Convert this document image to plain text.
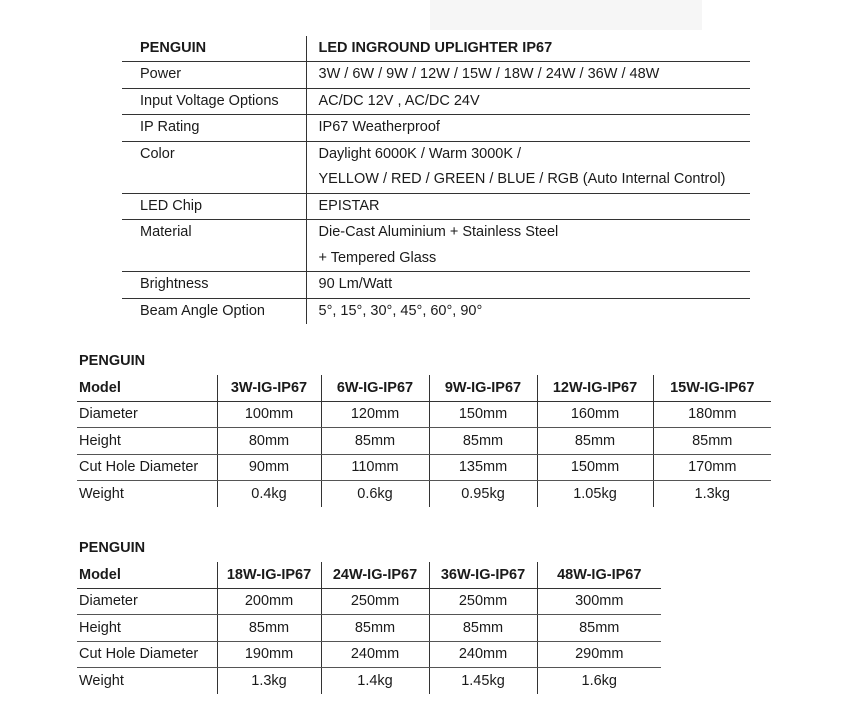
PENGUIN	LED INGROUND UPLIGHTER IP67
Power	3W / 6W / 9W / 12W / 15W / 18W / 24W / 36W / 48W

Input Voltage Options	AC/DC 12V , AC/DC 24V

IP Rating	IP67 Weatherproof

Color	Daylight 6000K / Warm 3000K /
YELLOW / RED / GREEN / BLUE / RGB (Auto Internal Control)

LED Chip	EPISTAR

Material	Die-Cast Aluminium + Stainless Steel
+ Tempered Glass

Brightness	90 Lm/Watt

Beam Angle Option	5°, 15°, 30°, 45°, 60°, 90°
PENGUIN
Model	3W-IG-IP67	6W-IG-IP67	9W-IG-IP67	12W-IG-IP67	15W-IG-IP67
Diameter	100mm	120mm	150mm	160mm	180mm
Height	80mm	85mm	85mm	85mm	85mm
Cut Hole Diameter	90mm	110mm	135mm	150mm	170mm
Weight	0.4kg	0.6kg	0.95kg	1.05kg	1.3kg
PENGUIN
Model	18W-IG-IP67	24W-IG-IP67	36W-IG-IP67	48W-IG-IP67
Diameter	200mm	250mm	250mm	300mm
Height	85mm	85mm	85mm	85mm
Cut Hole Diameter	190mm	240mm	240mm	290mm
Weight	1.3kg	1.4kg	1.45kg	1.6kg
